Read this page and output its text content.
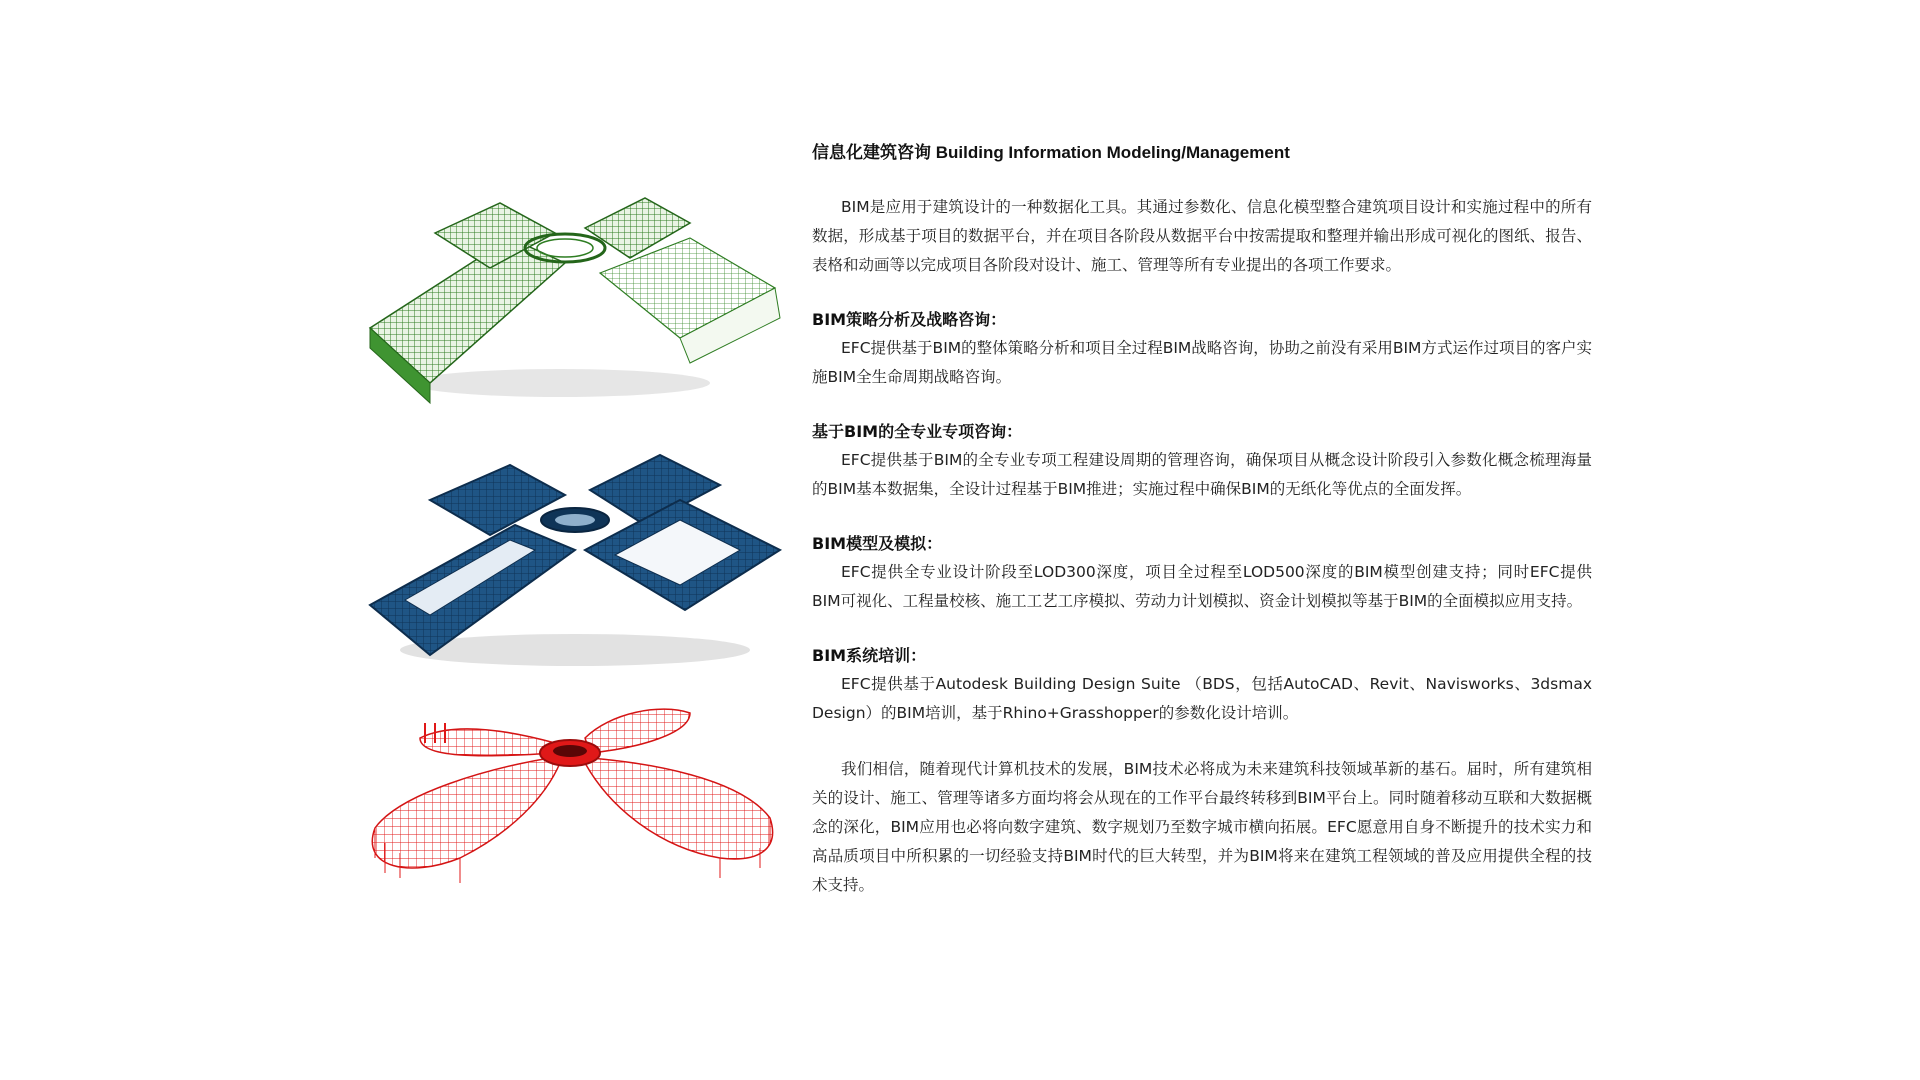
信息化建筑咨询 Building Information Modeling/Management

BIM是应用于建筑设计的一种数据化工具。其通过参数化、信息化模型整合建筑项目设计和实施过程中的所有数据，形成基于项目的数据平台，并在项目各阶段从数据平台中按需提取和整理并输出形成可视化的图纸、报告、表格和动画等以完成项目各阶段对设计、施工、管理等所有专业提出的各项工作要求。

BIM策略分析及战略咨询：

EFC提供基于BIM的整体策略分析和项目全过程BIM战略咨询，协助之前没有采用BIM方式运作过项目的客户实施BIM全生命周期战略咨询。

基于BIM的全专业专项咨询：

EFC提供基于BIM的全专业专项工程建设周期的管理咨询，确保项目从概念设计阶段引入参数化概念梳理海量的BIM基本数据集，全设计过程基于BIM推进；实施过程中确保BIM的无纸化等优点的全面发挥。

BIM模型及模拟：

EFC提供全专业设计阶段至LOD300深度，项目全过程至LOD500深度的BIM模型创建支持；同时EFC提供BIM可视化、工程量校核、施工工艺工序模拟、劳动力计划模拟、资金计划模拟等基于BIM的全面模拟应用支持。

BIM系统培训：

EFC提供基于Autodesk Building Design Suite （BDS，包括AutoCAD、Revit、Navisworks、3dsmax Design）的BIM培训，基于Rhino+Grasshopper的参数化设计培训。

我们相信，随着现代计算机技术的发展，BIM技术必将成为未来建筑科技领域革新的基石。届时，所有建筑相关的设计、施工、管理等诸多方面均将会从现在的工作平台最终转移到BIM平台上。同时随着移动互联和大数据概念的深化，BIM应用也必将向数字建筑、数字规划乃至数字城市横向拓展。EFC愿意用自身不断提升的技术实力和高品质项目中所积累的一切经验支持BIM时代的巨大转型，并为BIM将来在建筑工程领域的普及应用提供全程的技术支持。
